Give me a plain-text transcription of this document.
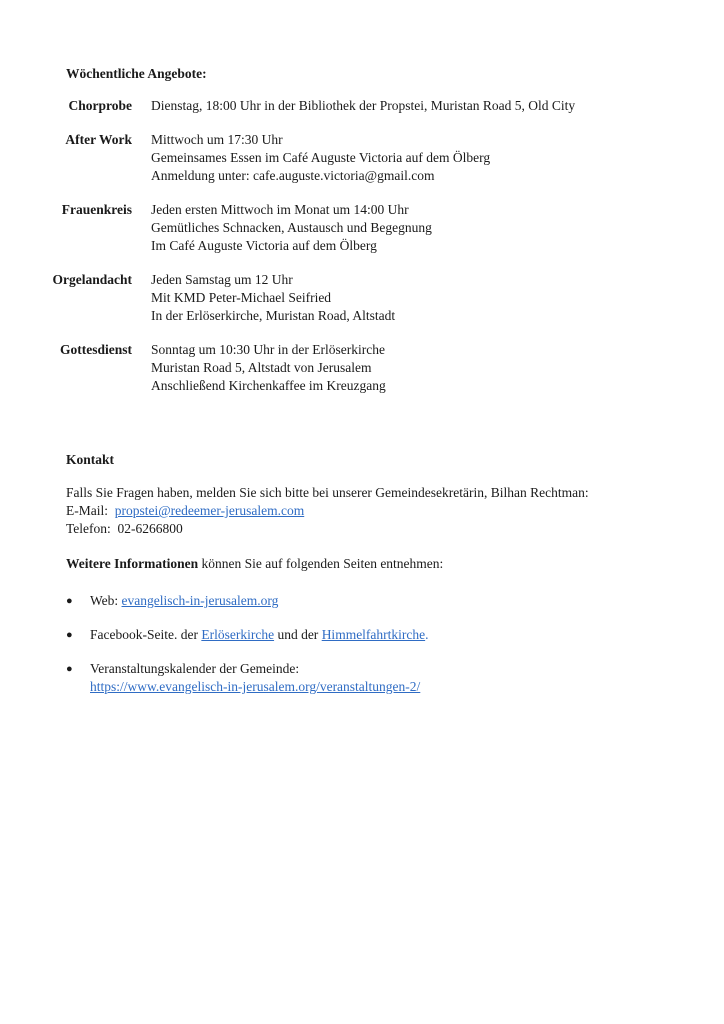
Wöchentliche Angebote:
Chorprobe	Dienstag, 18:00 Uhr in der Bibliothek der Propstei, Muristan Road 5, Old City
After Work	Mittwoch um 17:30 Uhr
Gemeinsames Essen im Café Auguste Victoria auf dem Ölberg
Anmeldung unter: cafe.auguste.victoria@gmail.com
Frauenkreis	Jeden ersten Mittwoch im Monat um 14:00 Uhr
Gemütliches Schnacken, Austausch und Begegnung
Im Café Auguste Victoria auf dem Ölberg
Orgelandacht	Jeden Samstag um 12 Uhr
Mit KMD Peter-Michael Seifried
In der Erlöserkirche, Muristan Road, Altstadt
Gottesdienst	Sonntag um 10:30 Uhr in der Erlöserkirche
Muristan Road 5, Altstadt von Jerusalem
Anschließend Kirchenkaffee im Kreuzgang
Kontakt
Falls Sie Fragen haben, melden Sie sich bitte bei unserer Gemeindesekretärin, Bilhan Rechtman:
E-Mail: propstei@redeemer-jerusalem.com
Telefon: 02-6266800
Weitere Informationen können Sie auf folgenden Seiten entnehmen:
●	Web: evangelisch-in-jerusalem.org
●	Facebook-Seite. der Erlöserkirche und der Himmelfahrtkirche.
●	Veranstaltungskalender der Gemeinde:
https://www.evangelisch-in-jerusalem.org/veranstaltungen-2/
